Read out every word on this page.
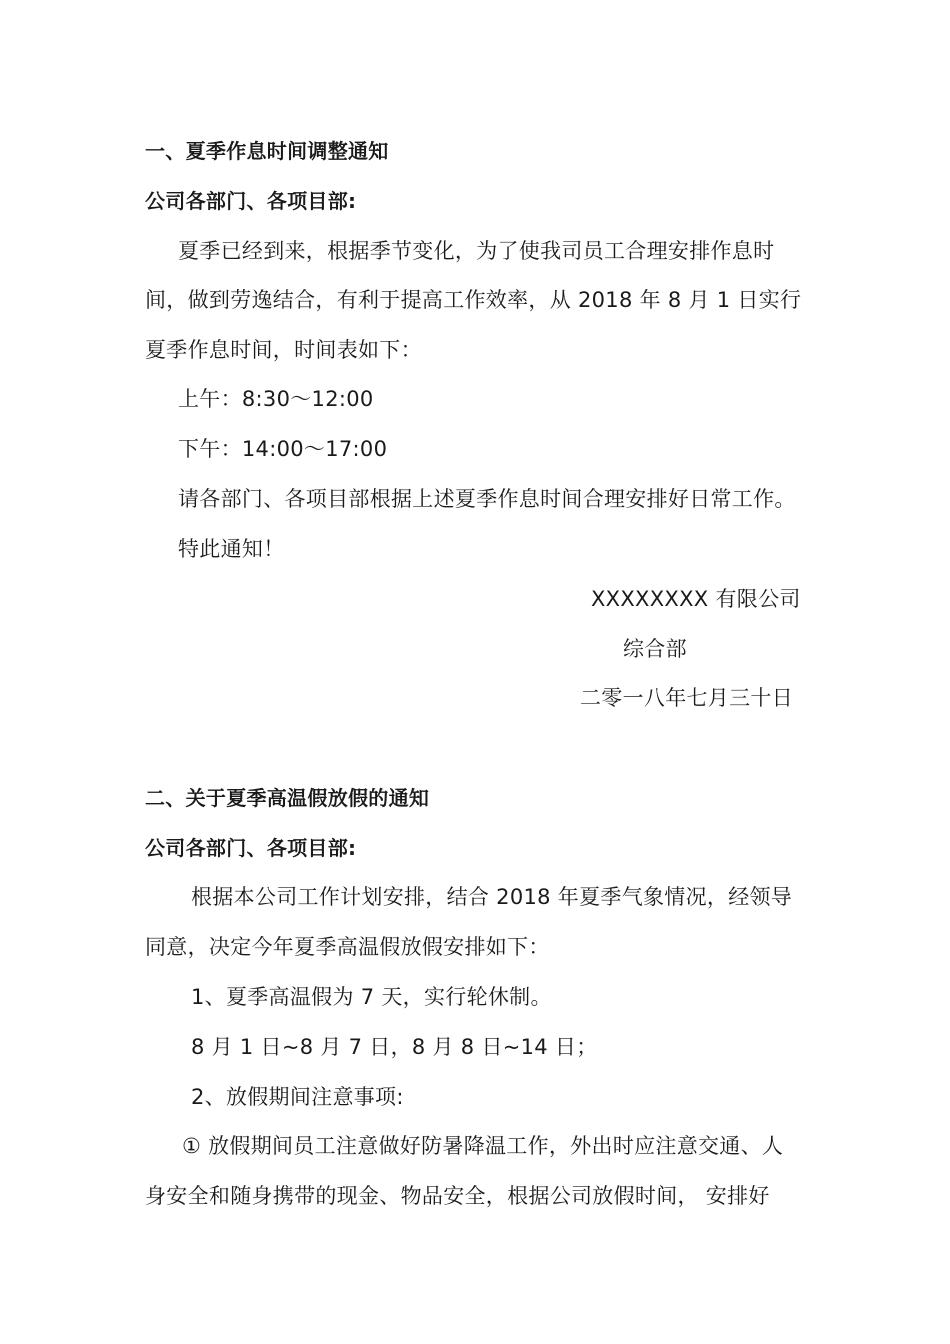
一、夏季作息时间调整通知
公司各部门、各项目部:
夏季已经到来，根据季节变化，为了使我司员工合理安排作息时
间，做到劳逸结合，有利于提高工作效率，从 2018 年 8 月 1 日实行
夏季作息时间，时间表如下：
上午：8:30～12:00
下午：14:00～17:00
请各部门、各项目部根据上述夏季作息时间合理安排好日常工作。
特此通知！
XXXXXXXX 有限公司
综合部
二零一八年七月三十日
二、关于夏季高温假放假的通知
公司各部门、各项目部:
根据本公司工作计划安排，结合 2018 年夏季气象情况，经领导
同意，决定今年夏季高温假放假安排如下：
1、夏季高温假为 7 天，实行轮休制。
8 月 1 日~8 月 7 日，8 月 8 日~14 日；
2、放假期间注意事项:
① 放假期间员工注意做好防暑降温工作，外出时应注意交通、人
身安全和随身携带的现金、物品安全，根据公司放假时间， 安排好
